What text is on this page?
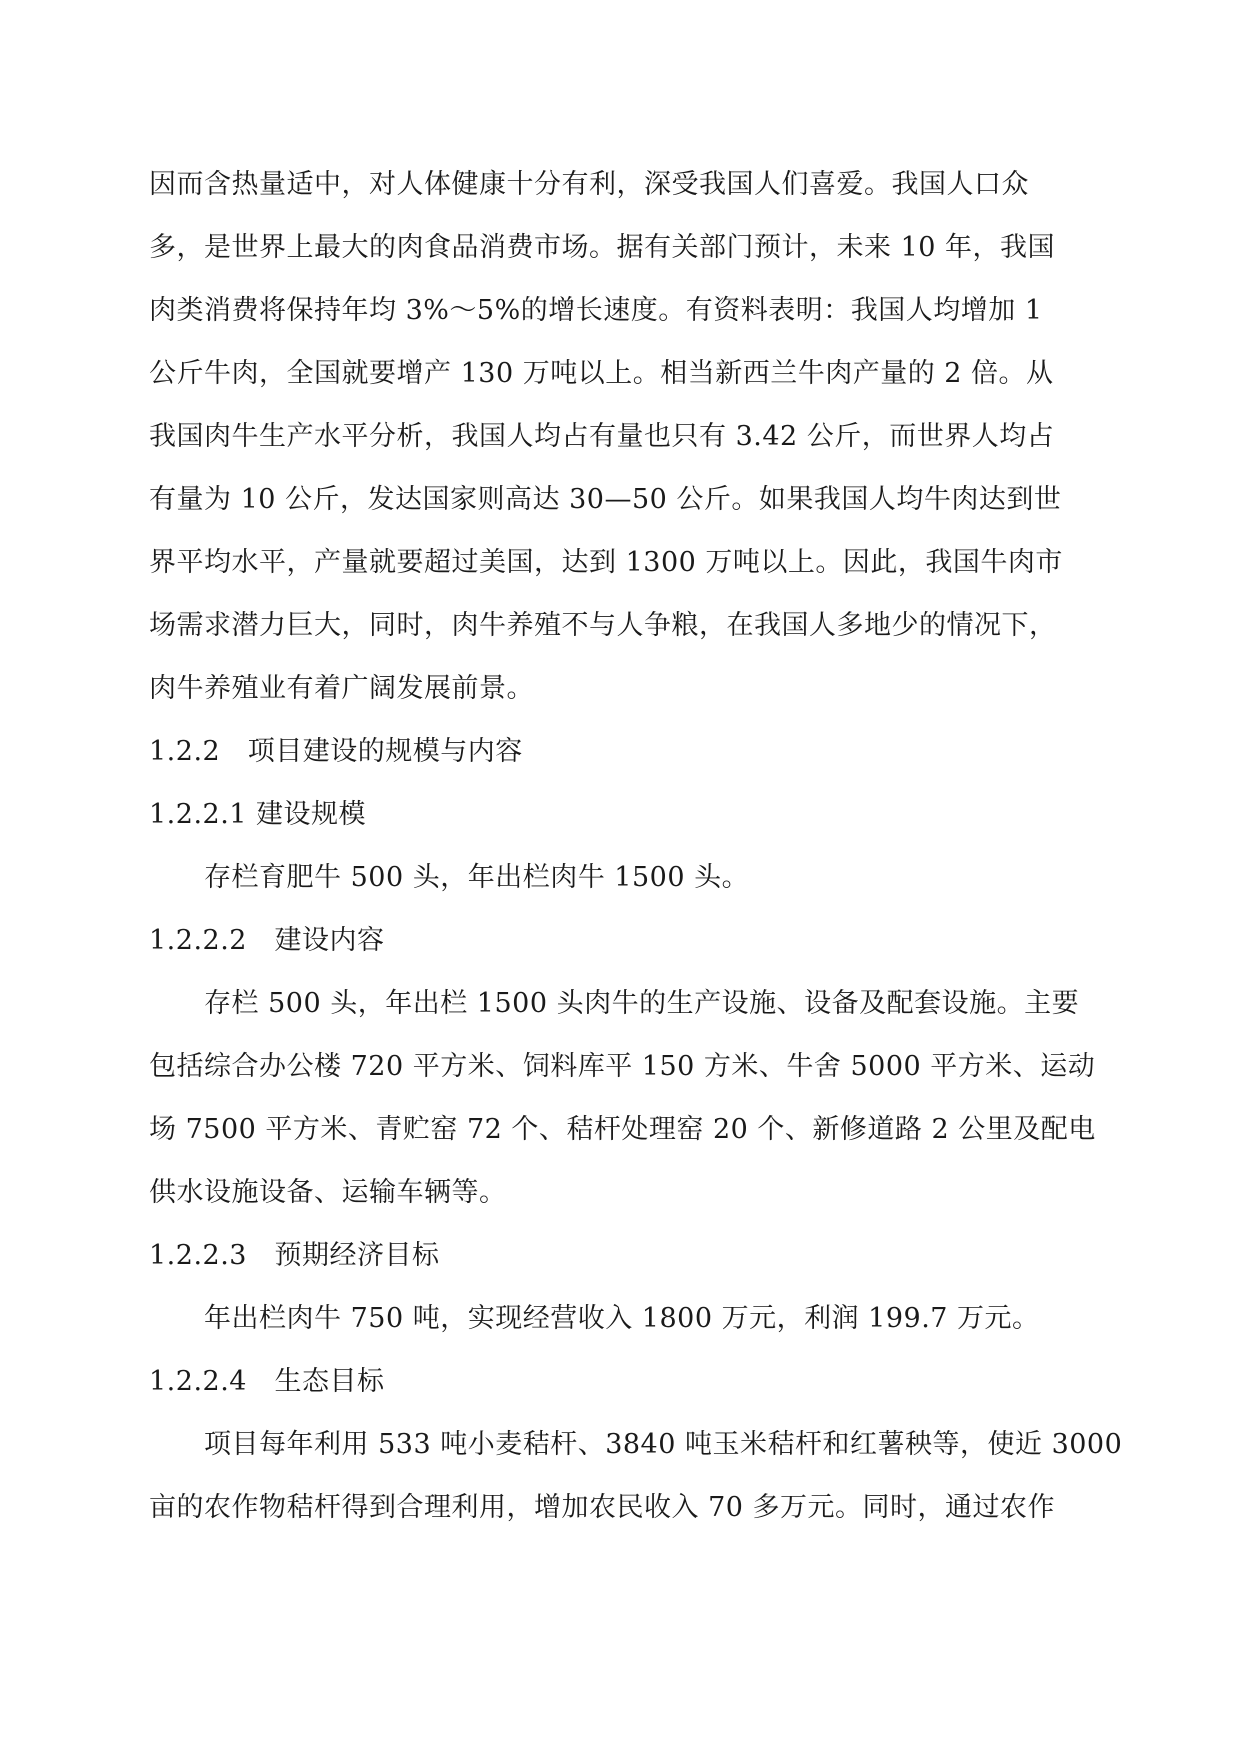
因而含热量适中，对人体健康十分有利，深受我国人们喜爱。我国人口众
多，是世界上最大的肉食品消费市场。据有关部门预计，未来 10 年，我国
肉类消费将保持年均 3%～5%的增长速度。有资料表明：我国人均增加 1
公斤牛肉，全国就要增产 130 万吨以上。相当新西兰牛肉产量的 2 倍。从
我国肉牛生产水平分析，我国人均占有量也只有 3.42 公斤，而世界人均占
有量为 10 公斤，发达国家则高达 30—50 公斤。如果我国人均牛肉达到世
界平均水平，产量就要超过美国，达到 1300 万吨以上。因此，我国牛肉市
场需求潜力巨大，同时，肉牛养殖不与人争粮，在我国人多地少的情况下，
肉牛养殖业有着广阔发展前景。
1.2.2　项目建设的规模与内容
1.2.2.1 建设规模
　　存栏育肥牛 500 头，年出栏肉牛 1500 头。
1.2.2.2　建设内容
　　存栏 500 头，年出栏 1500 头肉牛的生产设施、设备及配套设施。主要
包括综合办公楼 720 平方米、饲料库平 150 方米、牛舍 5000 平方米、运动
场 7500 平方米、青贮窑 72 个、秸杆处理窑 20 个、新修道路 2 公里及配电
供水设施设备、运输车辆等。
1.2.2.3　预期经济目标
　　年出栏肉牛 750 吨，实现经营收入 1800 万元，利润 199.7 万元。
1.2.2.4　生态目标
　　项目每年利用 533 吨小麦秸杆、3840 吨玉米秸杆和红薯秧等，使近 3000
亩的农作物秸杆得到合理利用，增加农民收入 70 多万元。同时，通过农作
